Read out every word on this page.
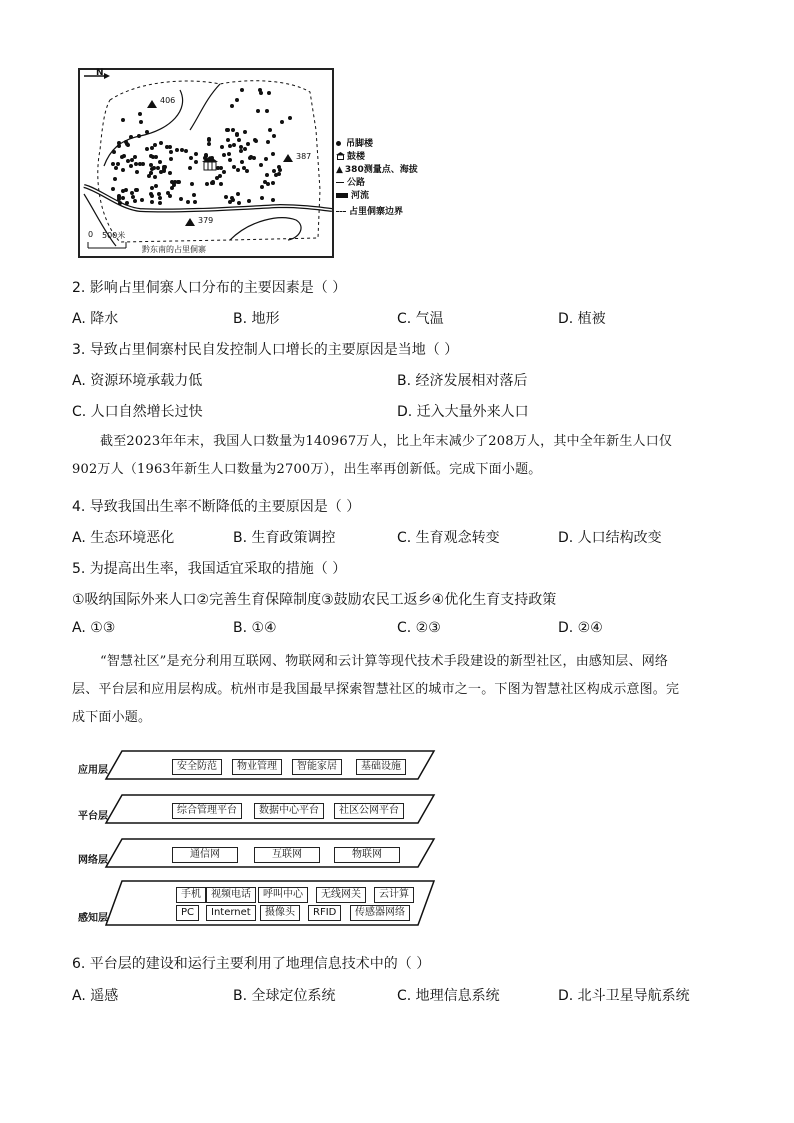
N
406
387
379
0 500米
黔东南的占里侗寨
吊脚楼
鼓楼
▲ 380测量点、海拔
公路
河流
占里侗寨边界
2. 影响占里侗寨人口分布的主要因素是（ ）
A. 降水	B. 地形	C. 气温	D. 植被
3. 导致占里侗寨村民自发控制人口增长的主要原因是当地（ ）
A. 资源环境承载力低	B. 经济发展相对落后
C. 人口自然增长过快	D. 迁入大量外来人口
截至2023年年末，我国人口数量为140967万人，比上年末减少了208万人，其中全年新生人口仅
902万人（1963年新生人口数量为2700万），出生率再创新低。完成下面小题。
4. 导致我国出生率不断降低的主要原因是（ ）
A. 生态环境恶化	B. 生育政策调控	C. 生育观念转变	D. 人口结构改变
5. 为提高出生率，我国适宜采取的措施（ ）
①吸纳国际外来人口②完善生育保障制度③鼓励农民工返乡④优化生育支持政策
A. ①③	B. ①④	C. ②③	D. ②④
“智慧社区”是充分利用互联网、物联网和云计算等现代技术手段建设的新型社区，由感知层、网络
层、平台层和应用层构成。杭州市是我国最早探索智慧社区的城市之一。下图为智慧社区构成示意图。完
成下面小题。
应用层
平台层
网络层
感知层
安全防范	物业管理	智能家居	基础设施
综合管理平台	数据中心平台	社区公网平台
通信网	互联网	物联网
手机	视频电话	呼叫中心	无线网关	云计算
PC	Internet	摄像头	RFID	传感器网络
6. 平台层的建设和运行主要利用了地理信息技术中的（ ）
A. 遥感	B. 全球定位系统	C. 地理信息系统	D. 北斗卫星导航系统
